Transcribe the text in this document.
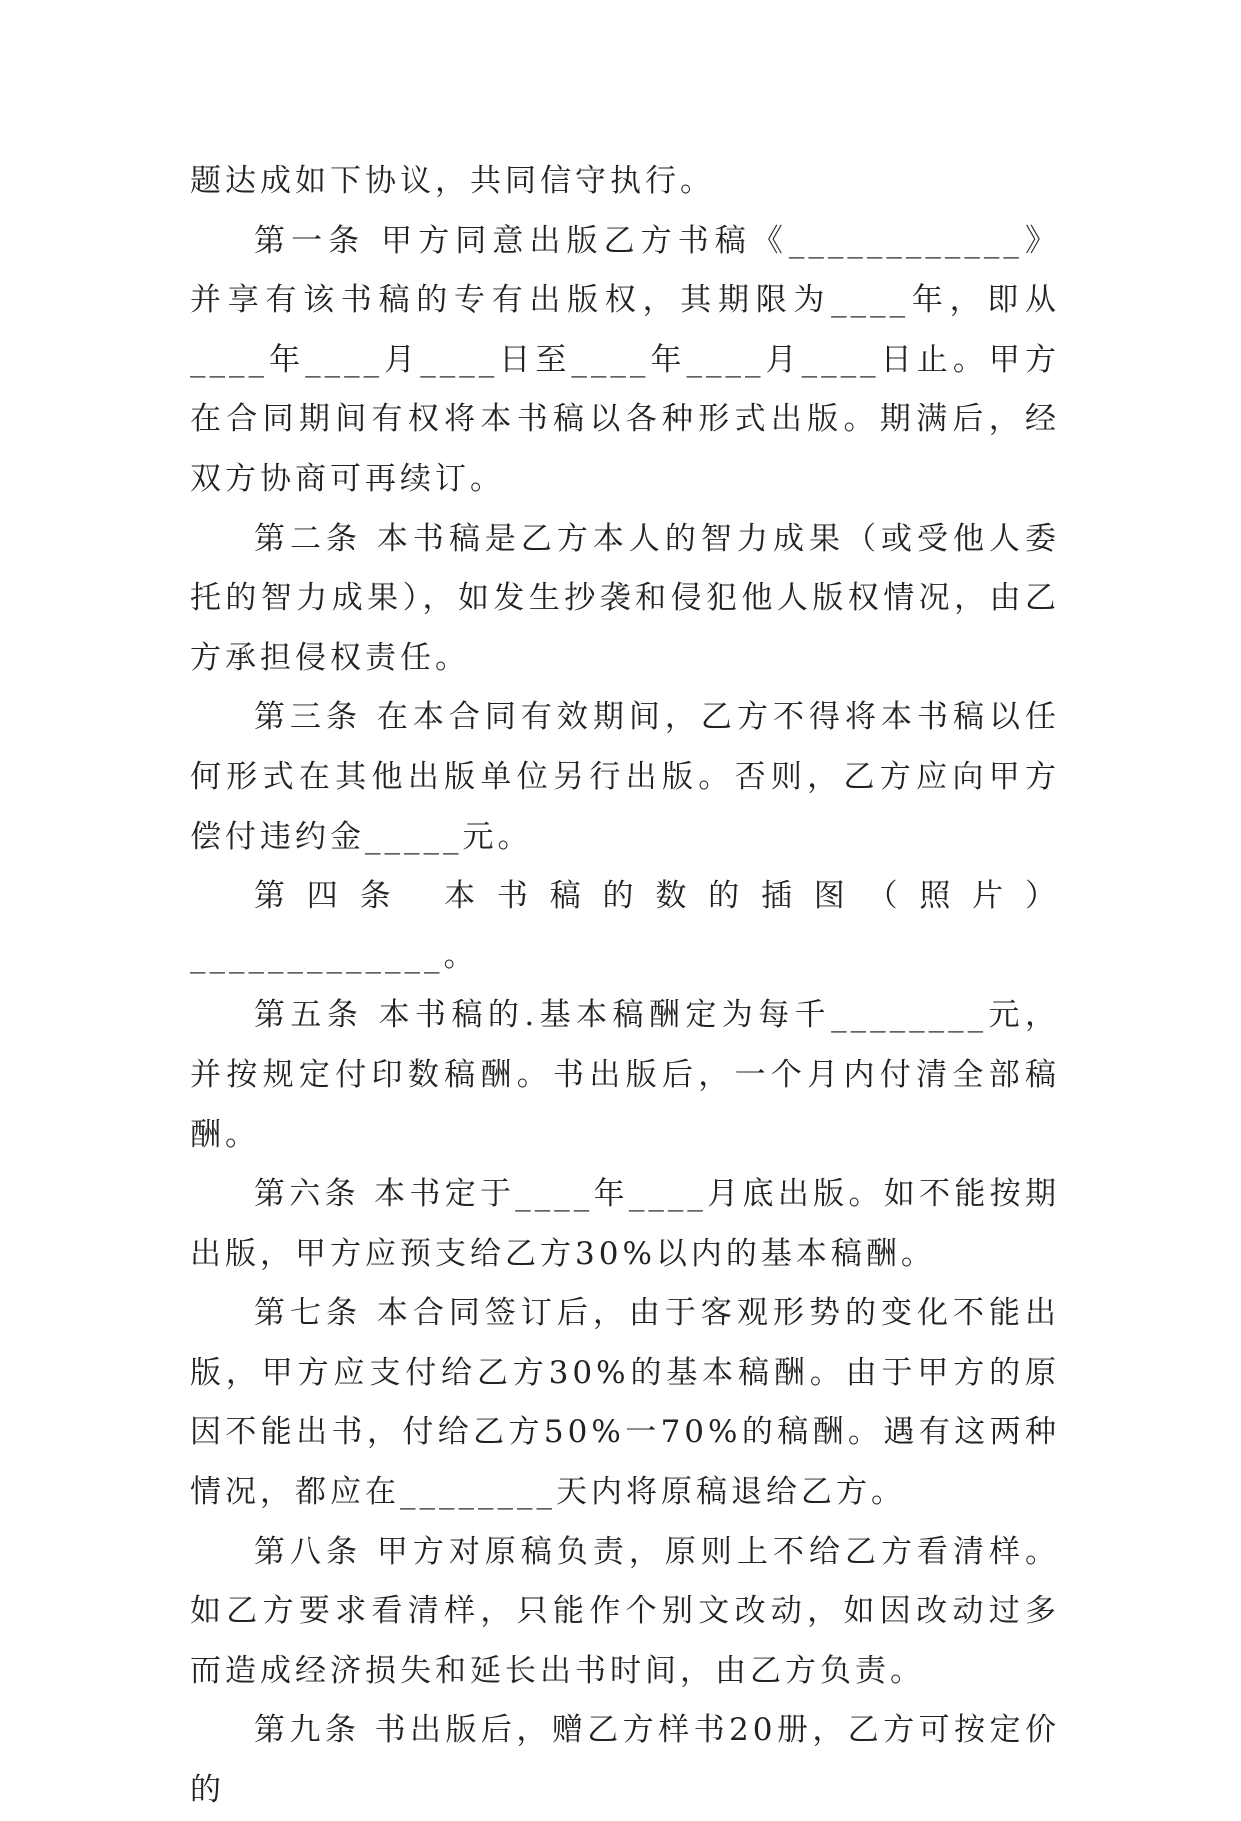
题达成如下协议，共同信守执行。

第一条 甲方同意出版乙方书稿《____________》并享有该书稿的专有出版权，其期限为____年，即从____年____月____日至____年____月____日止。甲方在合同期间有权将本书稿以各种形式出版。期满后，经双方协商可再续订。

第二条 本书稿是乙方本人的智力成果（或受他人委托的智力成果），如发生抄袭和侵犯他人版权情况，由乙方承担侵权责任。

第三条 在本合同有效期间，乙方不得将本书稿以任何形式在其他出版单位另行出版。否则，乙方应向甲方偿付违约金_____元。

第四条 本书稿的数的插图（照片）_____________。

第五条 本书稿的.基本稿酬定为每千________元，并按规定付印数稿酬。书出版后，一个月内付清全部稿酬。

第六条 本书定于____年____月底出版。如不能按期出版，甲方应预支给乙方30%以内的基本稿酬。

第七条 本合同签订后，由于客观形势的变化不能出版，甲方应支付给乙方30%的基本稿酬。由于甲方的原因不能出书，付给乙方50%一70%的稿酬。遇有这两种情况，都应在________天内将原稿退给乙方。

第八条 甲方对原稿负责，原则上不给乙方看清样。如乙方要求看清样，只能作个别文改动，如因改动过多而造成经济损失和延长出书时间，由乙方负责。

第九条 书出版后，赠乙方样书20册，乙方可按定价的
